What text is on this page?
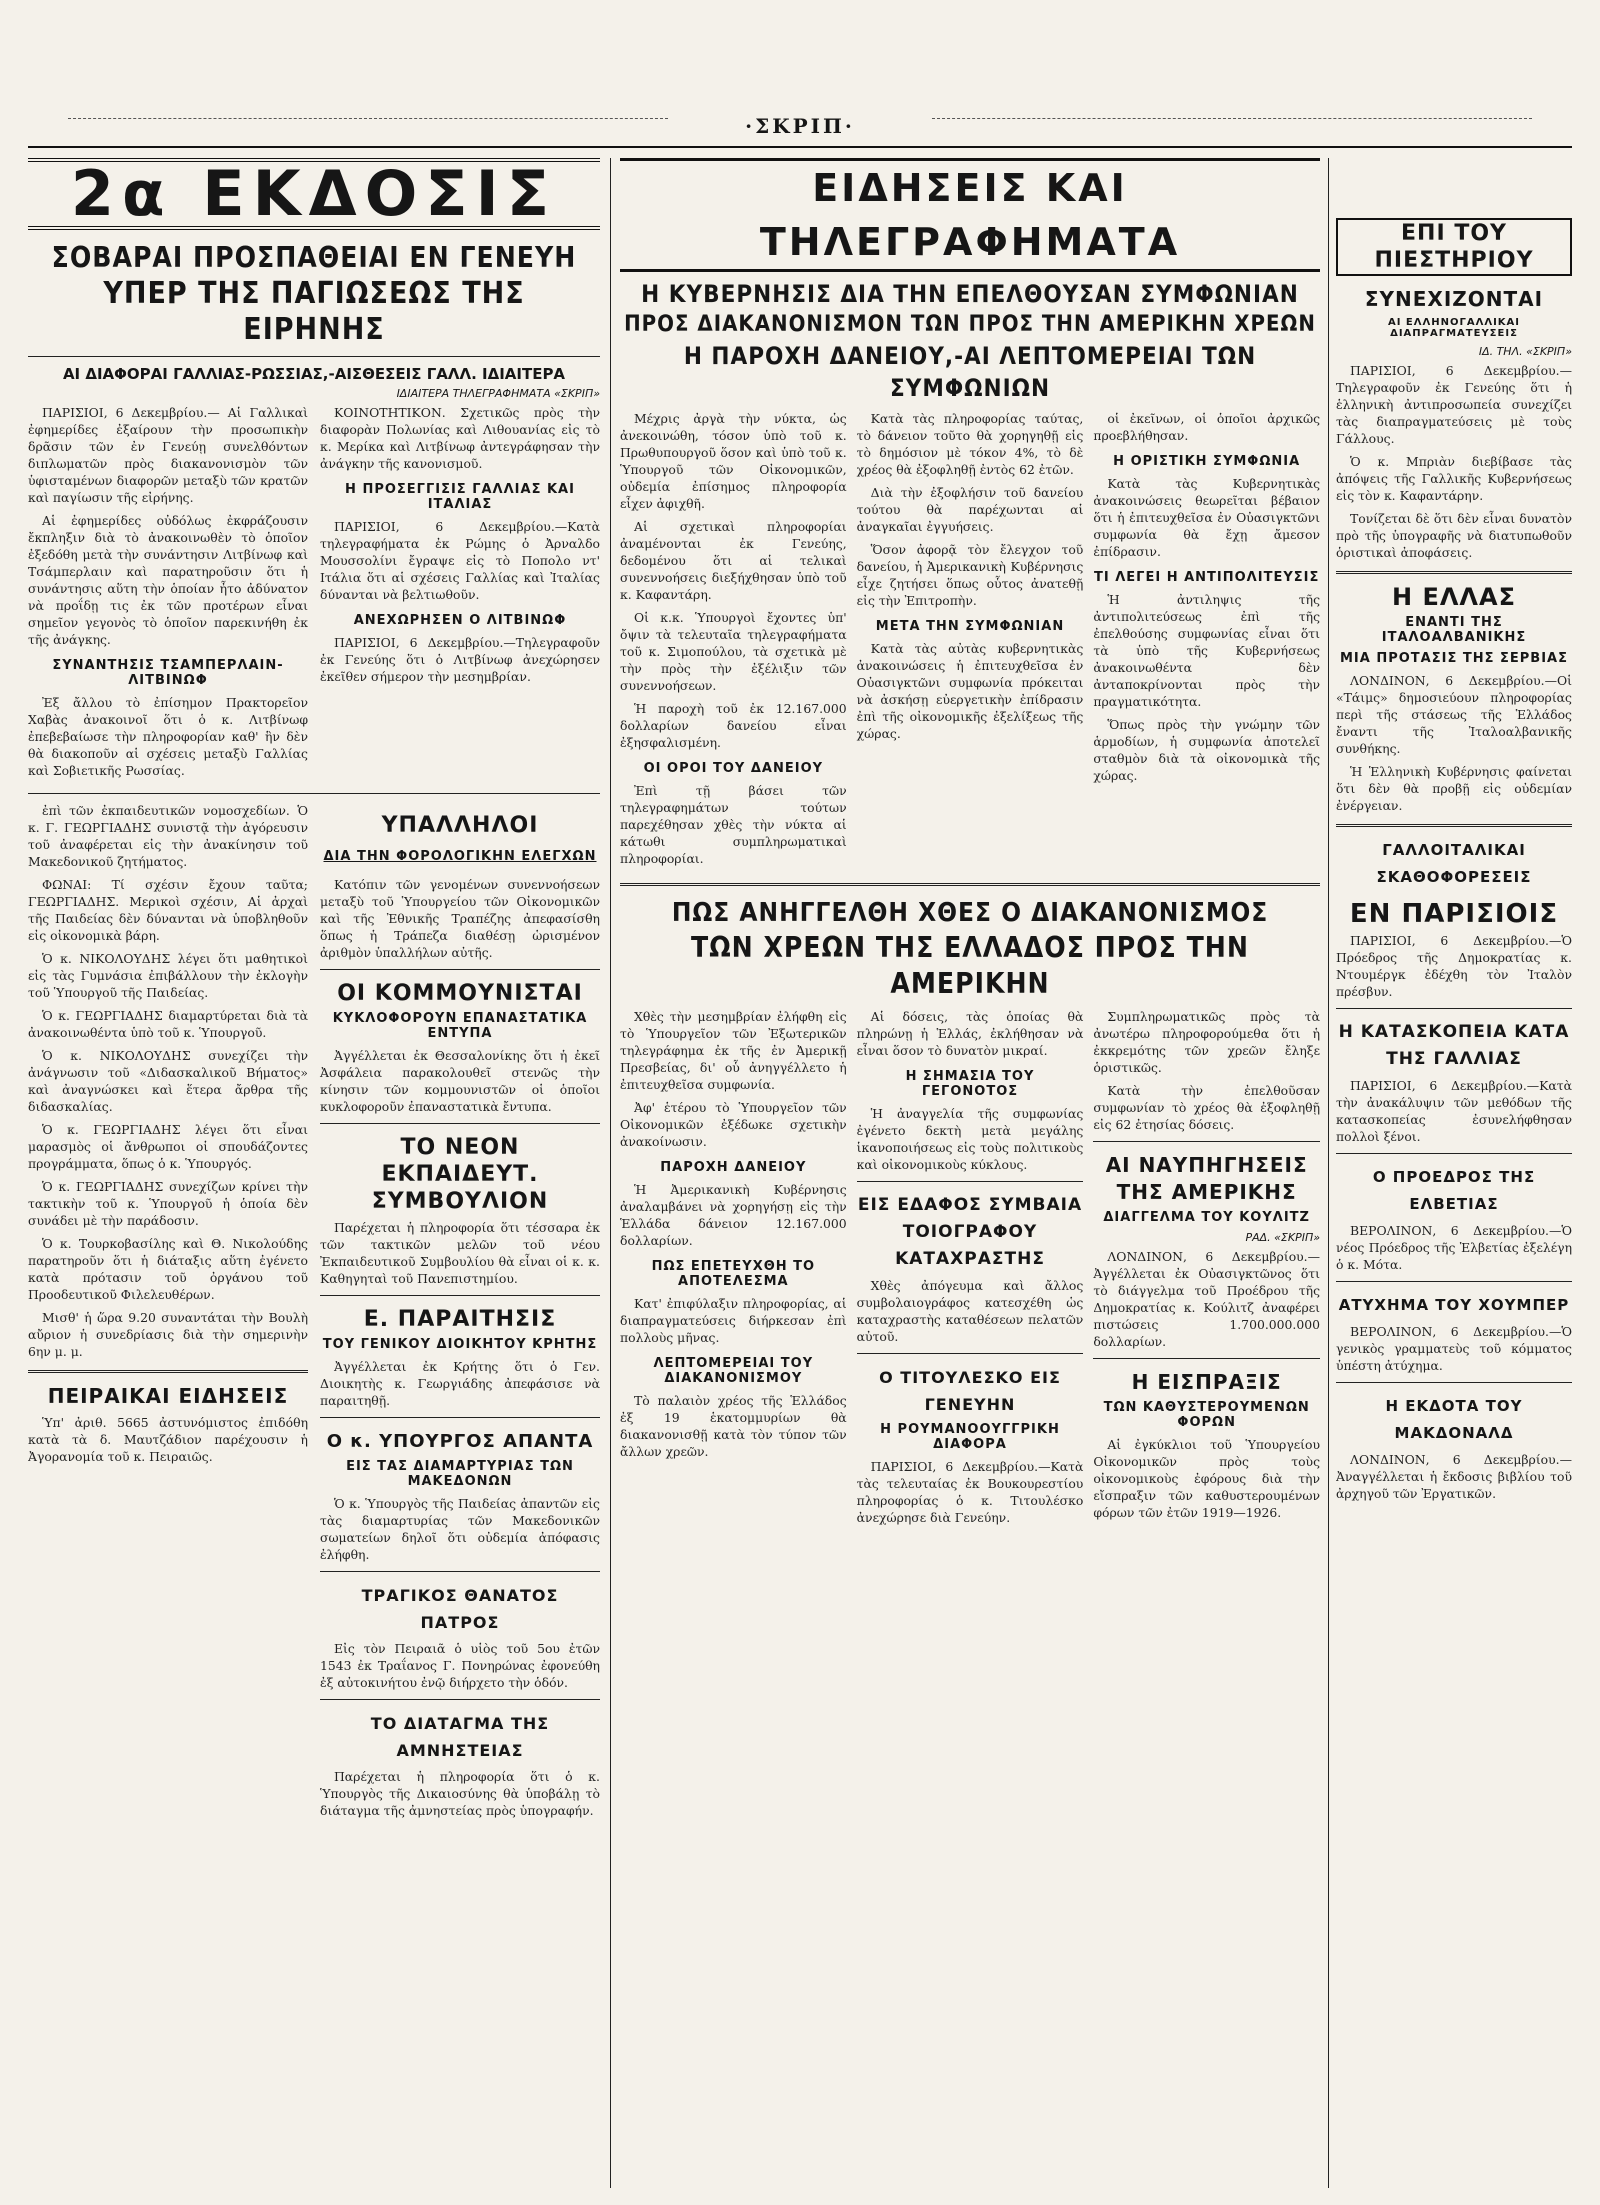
·ΣΚΡΙΠ·
2α ΕΚΔΟΣΙΣ
ΣΟΒΑΡΑΙ ΠΡΟΣΠΑΘΕΙΑΙ ΕΝ ΓΕΝΕΥΗ
ΥΠΕΡ ΤΗΣ ΠΑΓΙΩΣΕΩΣ ΤΗΣ ΕΙΡΗΝΗΣ
ΑΙ ΔΙΑΦΟΡΑΙ ΓΑΛΛΙΑΣ-ΡΩΣΣΙΑΣ,-ΑΙΣΘΕΣΕΙΣ ΓΑΛΛ. ΙΔΙΑΙΤΕΡΑ
ΙΔΙΑΙΤΕΡΑ ΤΗΛΕΓΡΑΦΗΜΑΤΑ «ΣΚΡΙΠ»

ΠΑΡΙΣΙΟΙ, 6 Δεκεμβρίου.— Αἱ Γαλλικαὶ ἐφημερίδες ἐξαίρουν τὴν προσωπικὴν δρᾶσιν τῶν ἐν Γενεύῃ συνελθόντων διπλωματῶν πρὸς διακανονισμὸν τῶν ὑφισταμένων διαφορῶν μεταξὺ τῶν κρατῶν καὶ παγίωσιν τῆς εἰρήνης.

Αἱ ἐφημερίδες οὐδόλως ἐκφράζουσιν ἔκπληξιν διὰ τὸ ἀνακοινωθὲν τὸ ὁποῖον ἐξεδόθη μετὰ τὴν συνάντησιν Λιτβίνωφ καὶ Τσάμπερλαιν καὶ παρατηροῦσιν ὅτι ἡ συνάντησις αὕτη τὴν ὁποίαν ἦτο ἀδύνατον νὰ προΐδῃ τις ἐκ τῶν προτέρων εἶναι σημεῖον γεγονὸς τὸ ὁποῖον παρεκινήθη ἐκ τῆς ἀνάγκης.

ΣΥΝΑΝΤΗΣΙΣ ΤΣΑΜΠΕΡΛΑΙΝ-ΛΙΤΒΙΝΩΦ

Ἐξ ἄλλου τὸ ἐπίσημον Πρακτορεῖον Χαβὰς ἀνακοινοῖ ὅτι ὁ κ. Λιτβίνωφ ἐπεβεβαίωσε τὴν πληροφορίαν καθ' ἣν δὲν θὰ διακοποῦν αἱ σχέσεις μεταξὺ Γαλλίας καὶ Σοβιετικῆς Ρωσσίας.

ΚΟΙΝΟΤΗΤΙΚΟΝ. Σχετικῶς πρὸς τὴν διαφορὰν Πολωνίας καὶ Λιθουανίας εἰς τὸ κ. Μερίκα καὶ Λιτβίνωφ ἀντεγράφησαν τὴν ἀνάγκην τῆς κανονισμοῦ.

Η ΠΡΟΣΕΓΓΙΣΙΣ ΓΑΛΛΙΑΣ ΚΑΙ ΙΤΑΛΙΑΣ

ΠΑΡΙΣΙΟΙ, 6 Δεκεμβρίου.—Κατὰ τηλεγραφήματα ἐκ Ρώμης ὁ Ἀρναλδο Μουσσολίνι ἔγραψε εἰς τὸ Ποπολο ντ' Ιτάλια ὅτι αἱ σχέσεις Γαλλίας καὶ Ἰταλίας δύνανται νὰ βελτιωθοῦν.

ΑΝΕΧΩΡΗΣΕΝ Ο ΛΙΤΒΙΝΩΦ

ΠΑΡΙΣΙΟΙ, 6 Δεκεμβρίου.—Τηλεγραφοῦν ἐκ Γενεύης ὅτι ὁ Λιτβίνωφ ἀνεχώρησεν ἐκεῖθεν σήμερον τὴν μεσημβρίαν.

ἐπὶ τῶν ἐκπαιδευτικῶν νομοσχεδίων. Ὁ κ. Γ. ΓΕΩΡΓΙΑΔΗΣ συνιστᾷ τὴν ἀγόρευσιν τοῦ ἀναφέρεται εἰς τὴν ἀνακίνησιν τοῦ Μακεδονικοῦ ζητήματος.

ΦΩΝΑΙ: Τί σχέσιν ἔχουν ταῦτα; ΓΕΩΡΓΙΑΔΗΣ. Μερικοὶ σχέσιν, Αἱ ἀρχαὶ τῆς Παιδείας δὲν δύνανται νὰ ὑποβληθοῦν εἰς οἰκονομικὰ βάρη.

Ὁ κ. ΝΙΚΟΛΟΥΔΗΣ λέγει ὅτι μαθητικοὶ εἰς τὰς Γυμνάσια ἐπιβάλλουν τὴν ἐκλογὴν τοῦ Ὑπουργοῦ τῆς Παιδείας.

Ὁ κ. ΓΕΩΡΓΙΑΔΗΣ διαμαρτύρεται διὰ τὰ ἀνακοινωθέντα ὑπὸ τοῦ κ. Ὑπουργοῦ.

Ὁ κ. ΝΙΚΟΛΟΥΔΗΣ συνεχίζει τὴν ἀνάγνωσιν τοῦ «Διδασκαλικοῦ Βήματος» καὶ ἀναγνώσκει καὶ ἕτερα ἄρθρα τῆς διδασκαλίας.

Ὁ κ. ΓΕΩΡΓΙΑΔΗΣ λέγει ὅτι εἶναι μαρασμὸς οἱ ἄνθρωποι οἱ σπουδάζοντες προγράμματα, ὅπως ὁ κ. Ὑπουργός.

Ὁ κ. ΓΕΩΡΓΙΑΔΗΣ συνεχίζων κρίνει τὴν τακτικὴν τοῦ κ. Ὑπουργοῦ ἡ ὁποία δὲν συνάδει μὲ τὴν παράδοσιν.

Ὁ κ. Τουρκοβασίλης καὶ Θ. Νικολούδης παρατηροῦν ὅτι ἡ διάταξις αὕτη ἐγένετο κατὰ πρότασιν τοῦ ὀργάνου τοῦ Προοδευτικοῦ Φιλελευθέρων.

Μισθ' ἡ ὥρα 9.20 συναντάται τὴν Βουλὴ αὔριον ἡ συνεδρίασις διὰ τὴν σημερινὴν 6ην μ. μ.

ΠΕΙΡΑΙΚΑΙ ΕΙΔΗΣΕΙΣ

Ὑπ' ἀριθ. 5665 ἀστυνόμιστος ἐπιδόθη κατὰ τὰ δ. Μαυτζάδιον παρέχουσιν ἡ Ἀγορανομία τοῦ κ. Πειραιῶς.

ΥΠΑΛΛΗΛΟΙ
ΔΙΑ ΤΗΝ ΦΟΡΟΛΟΓΙΚΗΝ ΕΛΕΓΧΩΝ

Κατόπιν τῶν γενομένων συνεννοήσεων μεταξὺ τοῦ Ὑπουργείου τῶν Οἰκονομικῶν καὶ τῆς Ἐθνικῆς Τραπέζης ἀπεφασίσθη ὅπως ἡ Τράπεζα διαθέσῃ ὡρισμένον ἀριθμὸν ὑπαλλήλων αὐτῆς.

ΟΙ ΚΟΜΜΟΥΝΙΣΤΑΙ
ΚΥΚΛΟΦΟΡΟΥΝ ΕΠΑΝΑΣΤΑΤΙΚΑ ΕΝΤΥΠΑ

Ἀγγέλλεται ἐκ Θεσσαλονίκης ὅτι ἡ ἐκεῖ Ἀσφάλεια παρακολουθεῖ στενῶς τὴν κίνησιν τῶν κομμουνιστῶν οἱ ὁποῖοι κυκλοφοροῦν ἐπαναστατικὰ ἔντυπα.

ΤΟ ΝΕΟΝ ΕΚΠΑΙΔΕΥΤ. ΣΥΜΒΟΥΛΙΟΝ

Παρέχεται ἡ πληροφορία ὅτι τέσσαρα ἐκ τῶν τακτικῶν μελῶν τοῦ νέου Ἐκπαιδευτικοῦ Συμβουλίου θὰ εἶναι οἱ κ. κ. Καθηγηταὶ τοῦ Πανεπιστημίου.

Ε. ΠΑΡΑΙΤΗΣΙΣ
ΤΟΥ ΓΕΝΙΚΟΥ ΔΙΟΙΚΗΤΟΥ ΚΡΗΤΗΣ

Ἀγγέλλεται ἐκ Κρήτης ὅτι ὁ Γεν. Διοικητὴς κ. Γεωργιάδης ἀπεφάσισε νὰ παραιτηθῇ.

Ο κ. ΥΠΟΥΡΓΟΣ ΑΠΑΝΤΑ
ΕΙΣ ΤΑΣ ΔΙΑΜΑΡΤΥΡΙΑΣ ΤΩΝ ΜΑΚΕΔΟΝΩΝ

Ὁ κ. Ὑπουργὸς τῆς Παιδείας ἀπαντῶν εἰς τὰς διαμαρτυρίας τῶν Μακεδονικῶν σωματείων δηλοῖ ὅτι οὐδεμία ἀπόφασις ἐλήφθη.

ΤΡΑΓΙΚΟΣ ΘΑΝΑΤΟΣ ΠΑΤΡΟΣ

Εἰς τὸν Πειραιᾶ ὁ υἱὸς τοῦ 5ου ἐτῶν 1543 ἐκ Τραΐανος Γ. Πονηρώνας ἐφονεύθη ἐξ αὐτοκινήτου ἐνῷ διήρχετο τὴν ὁδόν.

ΤΟ ΔΙΑΤΑΓΜΑ ΤΗΣ ΑΜΝΗΣΤΕΙΑΣ

Παρέχεται ἡ πληροφορία ὅτι ὁ κ. Ὑπουργὸς τῆς Δικαιοσύνης θὰ ὑποβάλῃ τὸ διάταγμα τῆς ἀμνηστείας πρὸς ὑπογραφήν.

ΕΙΔΗΣΕΙΣ ΚΑΙ ΤΗΛΕΓΡΑΦΗΜΑΤΑ
Η ΚΥΒΕΡΝΗΣΙΣ ΔΙΑ ΤΗΝ ΕΠΕΛΘΟΥΣΑΝ ΣΥΜΦΩΝΙΑΝ
ΠΡΟΣ ΔΙΑΚΑΝΟΝΙΣΜΟΝ ΤΩΝ ΠΡΟΣ ΤΗΝ ΑΜΕΡΙΚΗΝ ΧΡΕΩΝ
Η ΠΑΡΟΧΗ ΔΑΝΕΙΟΥ,-ΑΙ ΛΕΠΤΟΜΕΡΕΙΑΙ ΤΩΝ ΣΥΜΦΩΝΙΩΝ

Μέχρις ἀργὰ τὴν νύκτα, ὡς ἀνεκοινώθη, τόσον ὑπὸ τοῦ κ. Πρωθυπουργοῦ ὅσον καὶ ὑπὸ τοῦ κ. Ὑπουργοῦ τῶν Οἰκονομικῶν, οὐδεμία ἐπίσημος πληροφορία εἶχεν ἀφιχθῆ.

Αἱ σχετικαὶ πληροφορίαι ἀναμένονται ἐκ Γενεύης, δεδομένου ὅτι αἱ τελικαὶ συνεννοήσεις διεξήχθησαν ὑπὸ τοῦ κ. Καφαντάρη.

Οἱ κ.κ. Ὑπουργοὶ ἔχοντες ὑπ' ὄψιν τὰ τελευταῖα τηλεγραφήματα τοῦ κ. Σιμοπούλου, τὰ σχετικὰ μὲ τὴν πρὸς τὴν ἐξέλιξιν τῶν συνεννοήσεων.

Ἡ παροχὴ τοῦ ἐκ 12.167.000 δολλαρίων δανείου εἶναι ἐξησφαλισμένη.

ΟΙ ΟΡΟΙ ΤΟΥ ΔΑΝΕΙΟΥ

Ἐπὶ τῇ βάσει τῶν τηλεγραφημάτων τούτων παρεχέθησαν χθὲς τὴν νύκτα αἱ κάτωθι συμπληρωματικαὶ πληροφορίαι.

Κατὰ τὰς πληροφορίας ταύτας, τὸ δάνειον τοῦτο θὰ χορηγηθῇ εἰς τὸ δημόσιον μὲ τόκον 4%, τὸ δὲ χρέος θὰ ἐξοφληθῇ ἐντὸς 62 ἐτῶν.

Διὰ τὴν ἐξοφλήσιν τοῦ δανείου τούτου θὰ παρέχωνται αἱ ἀναγκαῖαι ἐγγυήσεις.

Ὅσον ἀφορᾷ τὸν ἔλεγχον τοῦ δανείου, ἡ Ἀμερικανικὴ Κυβέρνησις εἶχε ζητήσει ὅπως οὗτος ἀνατεθῇ εἰς τὴν Ἐπιτροπὴν.

ΜΕΤΑ ΤΗΝ ΣΥΜΦΩΝΙΑΝ

Κατὰ τὰς αὐτὰς κυβερνητικὰς ἀνακοινώσεις ἡ ἐπιτευχθεῖσα ἐν Οὐασιγκτῶνι συμφωνία πρόκειται νὰ ἀσκήσῃ εὐεργετικὴν ἐπίδρασιν ἐπὶ τῆς οἰκονομικῆς ἐξελίξεως τῆς χώρας.

οἱ ἐκεῖνων, οἱ ὁποῖοι ἀρχικῶς προεβλήθησαν.

Η ΟΡΙΣΤΙΚΗ ΣΥΜΦΩΝΙΑ

Κατὰ τὰς Κυβερνητικὰς ἀνακοινώσεις θεωρεῖται βέβαιον ὅτι ἡ ἐπιτευχθεῖσα ἐν Οὐασιγκτῶνι συμφωνία θὰ ἔχῃ ἄμεσον ἐπίδρασιν.

ΤΙ ΛΕΓΕΙ Η ΑΝΤΙΠΟΛΙΤΕΥΣΙΣ

Ἡ ἀντιληψις τῆς ἀντιπολιτεύσεως ἐπὶ τῆς ἐπελθούσης συμφωνίας εἶναι ὅτι τὰ ὑπὸ τῆς Κυβερνήσεως ἀνακοινωθέντα δὲν ἀνταποκρίνονται πρὸς τὴν πραγματικότητα.

Ὅπως πρὸς τὴν γνώμην τῶν ἁρμοδίων, ἡ συμφωνία ἀποτελεῖ σταθμὸν διὰ τὰ οἰκονομικὰ τῆς χώρας.

ΠΩΣ ΑΝΗΓΓΕΛΘΗ ΧΘΕΣ Ο ΔΙΑΚΑΝΟΝΙΣΜΟΣ
ΤΩΝ ΧΡΕΩΝ ΤΗΣ ΕΛΛΑΔΟΣ ΠΡΟΣ ΤΗΝ ΑΜΕΡΙΚΗΝ

Χθὲς τὴν μεσημβρίαν ἐλήφθη εἰς τὸ Ὑπουργεῖον τῶν Ἐξωτερικῶν τηλεγράφημα ἐκ τῆς ἐν Ἀμερικῇ Πρεσβείας, δι' οὗ ἀνηγγέλλετο ἡ ἐπιτευχθεῖσα συμφωνία.

Ἀφ' ἑτέρου τὸ Ὑπουργεῖον τῶν Οἰκονομικῶν ἐξέδωκε σχετικὴν ἀνακοίνωσιν.

ΠΑΡΟΧΗ ΔΑΝΕΙΟΥ

Ἡ Ἀμερικανικὴ Κυβέρνησις ἀναλαμβάνει νὰ χορηγήσῃ εἰς τὴν Ἑλλάδα δάνειον 12.167.000 δολλαρίων.

ΠΩΣ ΕΠΕΤΕΥΧΘΗ ΤΟ ΑΠΟΤΕΛΕΣΜΑ

Κατ' ἐπιφύλαξιν πληροφορίας, αἱ διαπραγματεύσεις διήρκεσαν ἐπὶ πολλοὺς μῆνας.

ΛΕΠΤΟΜΕΡΕΙΑΙ ΤΟΥ ΔΙΑΚΑΝΟΝΙΣΜΟΥ

Τὸ παλαιὸν χρέος τῆς Ἑλλάδος ἐξ 19 ἑκατομμυρίων θὰ διακανονισθῇ κατὰ τὸν τύπον τῶν ἄλλων χρεῶν.

Αἱ δόσεις, τὰς ὁποίας θὰ πληρώνῃ ἡ Ἑλλάς, ἐκλήθησαν νὰ εἶναι ὅσον τὸ δυνατὸν μικραί.

Η ΣΗΜΑΣΙΑ ΤΟΥ ΓΕΓΟΝΟΤΟΣ

Ἡ ἀναγγελία τῆς συμφωνίας ἐγένετο δεκτὴ μετὰ μεγάλης ἱκανοποιήσεως εἰς τοὺς πολιτικοὺς καὶ οἰκονομικοὺς κύκλους.

ΕΙΣ ΕΔΑΦΟΣ ΣΥΜΒΑΙΑ ΤΟΙΟΓΡΑΦΟΥ ΚΑΤΑΧΡΑΣΤΗΣ

Χθὲς ἀπόγευμα καὶ ἄλλος συμβολαιογράφος κατεσχέθη ὡς καταχραστὴς καταθέσεων πελατῶν αὐτοῦ.

Ο ΤΙΤΟΥΛΕΣΚΟ ΕΙΣ ΓΕΝΕΥΗΝ
Η ΡΟΥΜΑΝΟΟΥΓΓΡΙΚΗ ΔΙΑΦΟΡΑ

ΠΑΡΙΣΙΟΙ, 6 Δεκεμβρίου.—Κατὰ τὰς τελευταίας ἐκ Βουκουρεστίου πληροφορίας ὁ κ. Τιτουλέσκο ἀνεχώρησε διὰ Γενεύην.

Συμπληρωματικῶς πρὸς τὰ ἀνωτέρω πληροφορούμεθα ὅτι ἡ ἐκκρεμότης τῶν χρεῶν ἔληξε ὁριστικῶς.

Κατὰ τὴν ἐπελθοῦσαν συμφωνίαν τὸ χρέος θὰ ἐξοφληθῇ εἰς 62 ἐτησίας δόσεις.

ΑΙ ΝΑΥΠΗΓΗΣΕΙΣ ΤΗΣ ΑΜΕΡΙΚΗΣ
ΔΙΑΓΓΕΛΜΑ ΤΟΥ ΚΟΥΛΙΤΖ
ΡΑΔ. «ΣΚΡΙΠ»

ΛΟΝΔΙΝΟΝ, 6 Δεκεμβρίου.—Ἀγγέλλεται ἐκ Οὐασιγκτῶνος ὅτι τὸ διάγγελμα τοῦ Προέδρου τῆς Δημοκρατίας κ. Κούλιτζ ἀναφέρει πιστώσεις 1.700.000.000 δολλαρίων.

Η ΕΙΣΠΡΑΞΙΣ
ΤΩΝ ΚΑΘΥΣΤΕΡΟΥΜΕΝΩΝ ΦΟΡΩΝ

Αἱ ἐγκύκλιοι τοῦ Ὑπουργείου Οἰκονομικῶν πρὸς τοὺς οἰκονομικοὺς ἐφόρους διὰ τὴν εἴσπραξιν τῶν καθυστερουμένων φόρων τῶν ἐτῶν 1919—1926.

ΕΠΙ ΤΟΥ ΠΙΕΣΤΗΡΙΟΥ
ΣΥΝΕΧΙΖΟΝΤΑΙ
ΑΙ ΕΛΛΗΝΟΓΑΛΛΙΚΑΙ ΔΙΑΠΡΑΓΜΑΤΕΥΣΕΙΣ
ΙΔ. ΤΗΛ. «ΣΚΡΙΠ»

ΠΑΡΙΣΙΟΙ, 6 Δεκεμβρίου.—Τηλεγραφοῦν ἐκ Γενεύης ὅτι ἡ ἑλληνικὴ ἀντιπροσωπεία συνεχίζει τὰς διαπραγματεύσεις μὲ τοὺς Γάλλους.

Ὁ κ. Μπριὰν διεβίβασε τὰς ἀπόψεις τῆς Γαλλικῆς Κυβερνήσεως εἰς τὸν κ. Καφαντάρην.

Τονίζεται δὲ ὅτι δὲν εἶναι δυνατὸν πρὸ τῆς ὑπογραφῆς νὰ διατυπωθοῦν ὁριστικαὶ ἀποφάσεις.

Η ΕΛΛΑΣ
ΕΝΑΝΤΙ ΤΗΣ ΙΤΑΛΟΑΛΒΑΝΙΚΗΣ
ΜΙΑ ΠΡΟΤΑΣΙΣ ΤΗΣ ΣΕΡΒΙΑΣ

ΛΟΝΔΙΝΟΝ, 6 Δεκεμβρίου.—Οἱ «Τάιμς» δημοσιεύουν πληροφορίας περὶ τῆς στάσεως τῆς Ἑλλάδος ἔναντι τῆς Ἰταλοαλβανικῆς συνθήκης.

Ἡ Ἑλληνικὴ Κυβέρνησις φαίνεται ὅτι δὲν θὰ προβῇ εἰς οὐδεμίαν ἐνέργειαν.

ΓΑΛΛΟΙΤΑΛΙΚΑΙ ΣΚΑΘΟΦΟΡΕΣΕΙΣ
ΕΝ ΠΑΡΙΣΙΟΙΣ

ΠΑΡΙΣΙΟΙ, 6 Δεκεμβρίου.—Ὁ Πρόεδρος τῆς Δημοκρατίας κ. Ντουμέργκ ἐδέχθη τὸν Ἰταλὸν πρέσβυν.

Η ΚΑΤΑΣΚΟΠΕΙΑ ΚΑΤΑ ΤΗΣ ΓΑΛΛΙΑΣ

ΠΑΡΙΣΙΟΙ, 6 Δεκεμβρίου.—Κατὰ τὴν ἀνακάλυψιν τῶν μεθόδων τῆς κατασκοπείας ἐσυνελήφθησαν πολλοὶ ξένοι.

Ο ΠΡΟΕΔΡΟΣ ΤΗΣ ΕΛΒΕΤΙΑΣ

ΒΕΡΟΛΙΝΟΝ, 6 Δεκεμβρίου.—Ὁ νέος Πρόεδρος τῆς Ἑλβετίας ἐξελέγη ὁ κ. Μότα.

ΑΤΥΧΗΜΑ ΤΟΥ ΧΟΥΜΠΕΡ

ΒΕΡΟΛΙΝΟΝ, 6 Δεκεμβρίου.—Ὁ γενικὸς γραμματεὺς τοῦ κόμματος ὑπέστη ἀτύχημα.

Η ΕΚΔΟΤΑ ΤΟΥ ΜΑΚΔΟΝΑΛΔ

ΛΟΝΔΙΝΟΝ, 6 Δεκεμβρίου.—Ἀναγγέλλεται ἡ ἔκδοσις βιβλίου τοῦ ἀρχηγοῦ τῶν Ἐργατικῶν.
